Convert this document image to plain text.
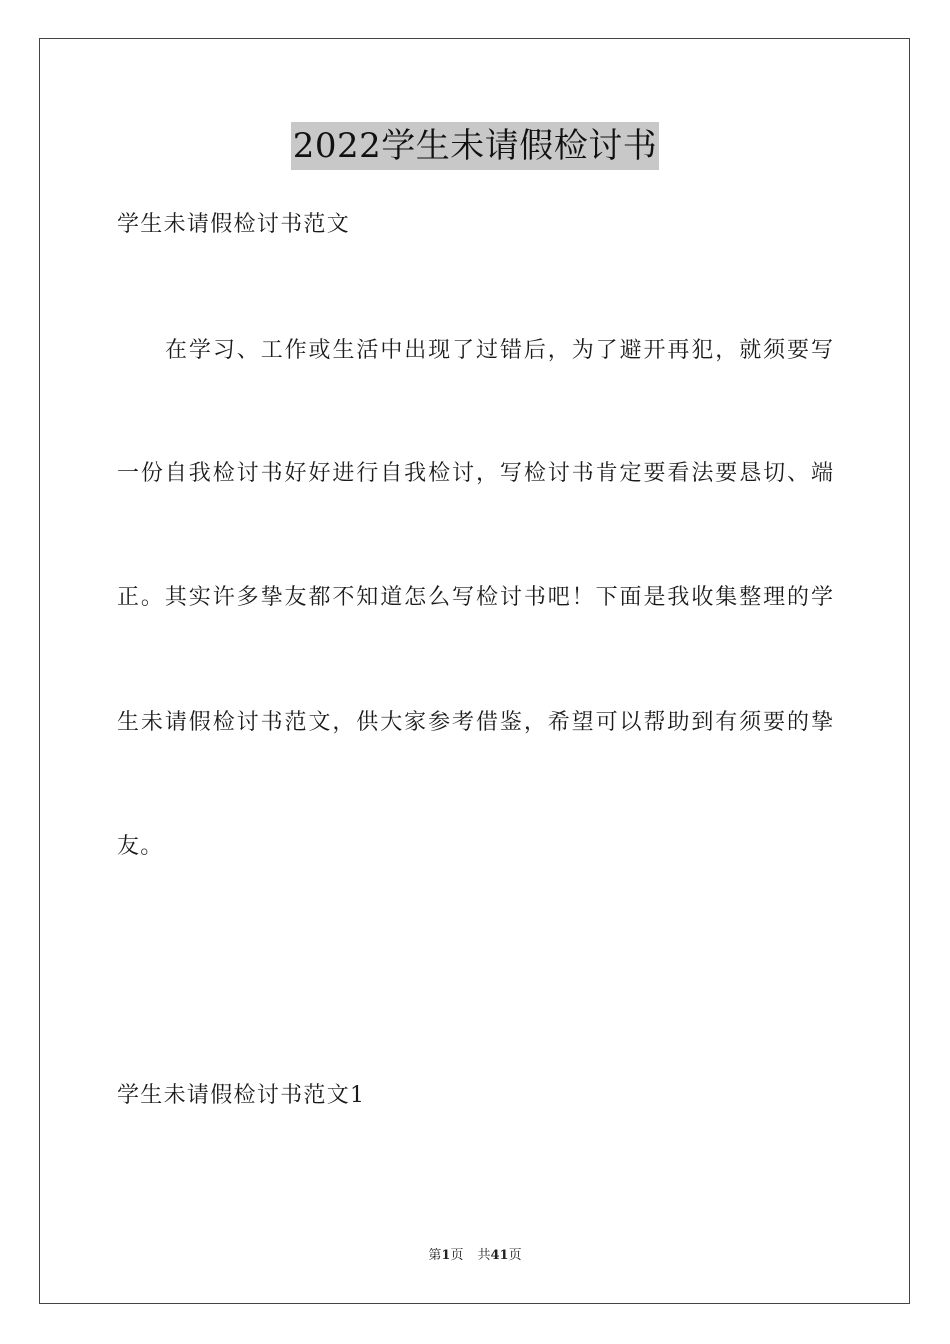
2022学生未请假检讨书
学生未请假检讨书范文
在学习、工作或生活中出现了过错后，为了避开再犯，就须要写
一份自我检讨书好好进行自我检讨，写检讨书肯定要看法要恳切、端
正。其实许多挚友都不知道怎么写检讨书吧！下面是我收集整理的学
生未请假检讨书范文，供大家参考借鉴，希望可以帮助到有须要的挚
友。
学生未请假检讨书范文1
第1页 共41页
